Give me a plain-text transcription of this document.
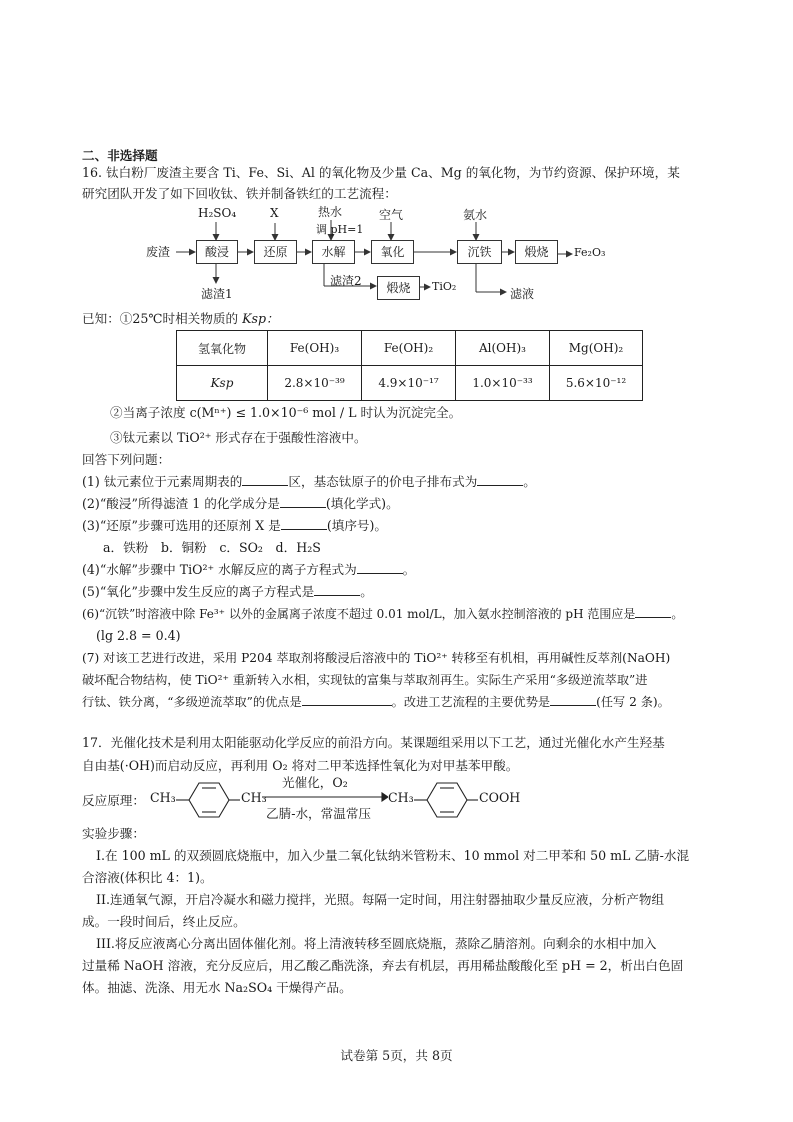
二、非选择题
16. 钛白粉厂废渣主要含 Ti、Fe、Si、Al 的氧化物及少量 Ca、Mg 的氧化物，为节约资源、保护环境，某
研究团队开发了如下回收钛、铁并制备铁红的工艺流程：
废渣	酸浸	还原	水解	氧化	沉铁	煅烧
H₂SO₄	X	热水
调 pH=1
空气	氨水
Fe₂O₃
滤渣1
滤渣2	煅烧	TiO₂
滤液
已知：①25℃时相关物质的 Ksp：
氢氧化物	Fe(OH)₃	Fe(OH)₂	Al(OH)₃	Mg(OH)₂
Ksp	2.8×10⁻³⁹	4.9×10⁻¹⁷	1.0×10⁻³³	5.6×10⁻¹²
②当离子浓度 c(Mⁿ⁺) ≤ 1.0×10⁻⁶ mol / L 时认为沉淀完全。
③钛元素以 TiO²⁺ 形式存在于强酸性溶液中。
回答下列问题：
(1) 钛元素位于元素周期表的	区，基态钛原子的价电子排布式为	。
(2)“酸浸”所得滤渣 1 的化学成分是	(填化学式)。
(3)“还原”步骤可选用的还原剂 X 是	(填序号)。
a．铁粉　b．铜粉　c．SO₂　d．H₂S
(4)“水解”步骤中 TiO²⁺ 水解反应的离子方程式为	。
(5)“氧化”步骤中发生反应的离子方程式是	。
(6)“沉铁”时溶液中除 Fe³⁺ 以外的金属离子浓度不超过 0.01 mol/L，加入氨水控制溶液的 pH 范围应是	。
(lg 2.8 = 0.4)
(7) 对该工艺进行改进，采用 P204 萃取剂将酸浸后溶液中的 TiO²⁺ 转移至有机相，再用碱性反萃剂(NaOH)
破坏配合物结构，使 TiO²⁺ 重新转入水相，实现钛的富集与萃取剂再生。实际生产采用“多级逆流萃取”进
行钛、铁分离，“多级逆流萃取”的优点是	。改进工艺流程的主要优势是	(任写 2 条)。
17．光催化技术是利用太阳能驱动化学反应的前沿方向。某课题组采用以下工艺，通过光催化水产生羟基
自由基(·OH)而启动反应，再利用 O₂ 将对二甲苯选择性氧化为对甲基苯甲酸。
反应原理： CH₃	CH₃
光催化，O₂
乙腈-水，常温常压
CH₃	COOH
实验步骤：
I.在 100 mL 的双颈圆底烧瓶中，加入少量二氧化钛纳米管粉末、10 mmol 对二甲苯和 50 mL 乙腈-水混
合溶液(体积比 4：1)。
II.连通氧气源，开启冷凝水和磁力搅拌，光照。每隔一定时间，用注射器抽取少量反应液，分析产物组
成。一段时间后，终止反应。
III.将反应液离心分离出固体催化剂。将上清液转移至圆底烧瓶，蒸除乙腈溶剂。向剩余的水相中加入
过量稀 NaOH 溶液，充分反应后，用乙酸乙酯洗涤，弃去有机层，再用稀盐酸酸化至 pH = 2，析出白色固
体。抽滤、洗涤、用无水 Na₂SO₄ 干燥得产品。
试卷第 5页，共 8页
